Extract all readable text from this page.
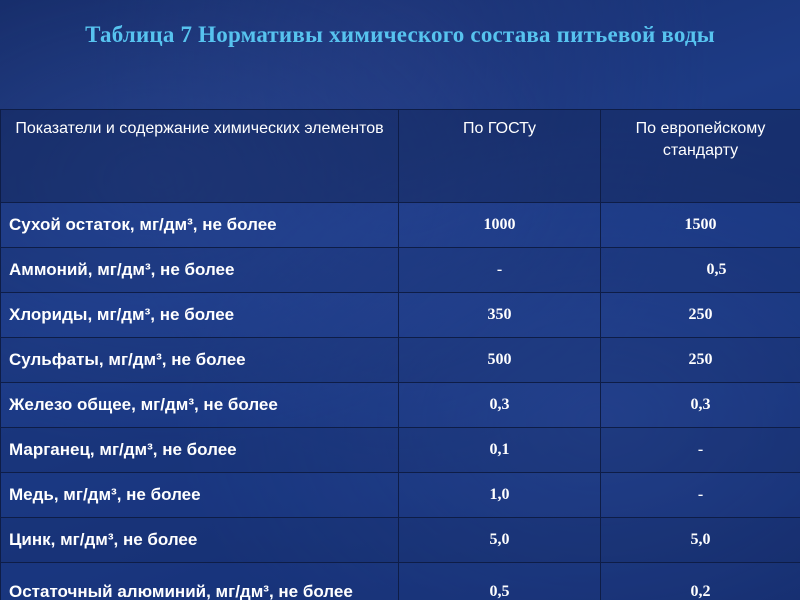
Таблица 7 Нормативы химического состава питьевой воды
Показатели и содержание химических элементов	По ГОСТу	По европейскому стандарту
Сухой остаток, мг/дм³, не более	1000	1500
Аммоний, мг/дм³, не более	-	0,5
Хлориды, мг/дм³, не более	350	250
Сульфаты, мг/дм³, не более	500	250
Железо общее, мг/дм³, не более	0,3	0,3
Марганец, мг/дм³, не более	0,1	-
Медь, мг/дм³, не более	1,0	-
Цинк, мг/дм³, не более	5,0	5,0
Остаточный алюминий, мг/дм³, не более	0,5	0,2
